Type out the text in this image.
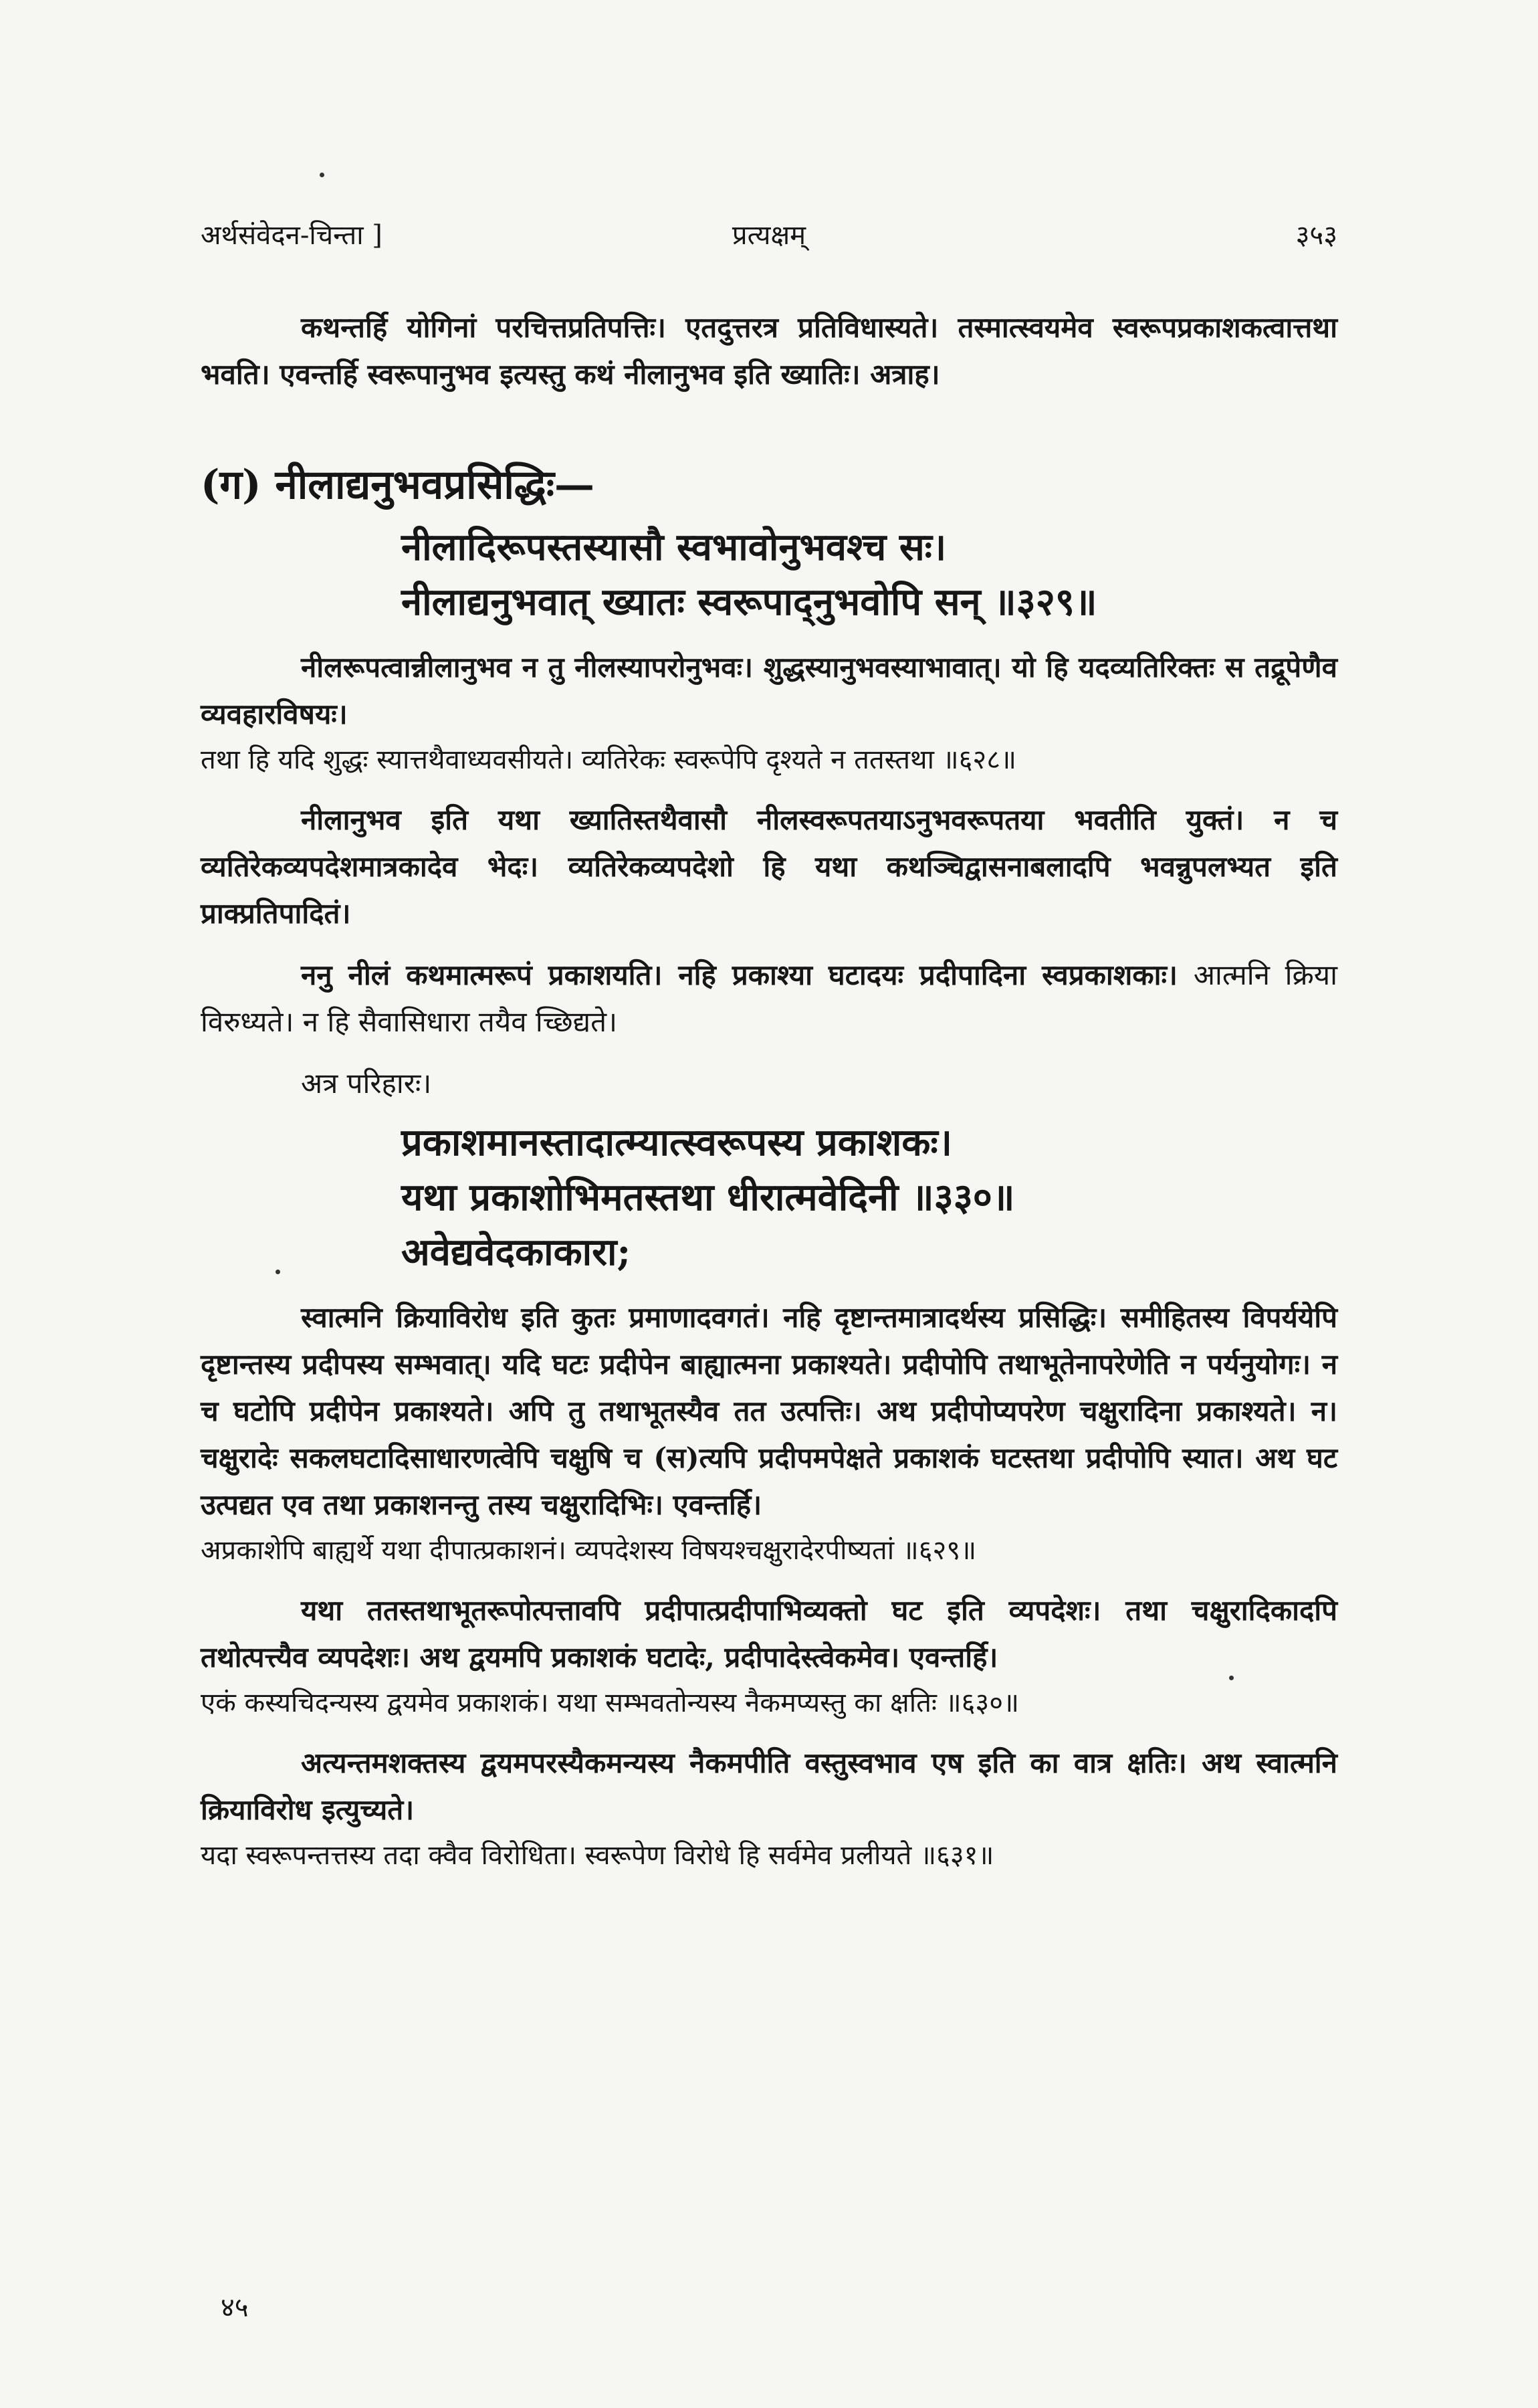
अर्थसंवेदन-चिन्ता ]	प्रत्यक्षम्	३५३

कथन्तर्हि योगिनां परचित्तप्रतिपत्तिः। एतदुत्तरत्र प्रतिविधास्यते। तस्मात्स्वयमेव स्वरूपप्रकाशकत्वात्तथा भवति। एवन्तर्हि स्वरूपानुभव इत्यस्तु कथं नीलानुभव इति ख्यातिः। अत्राह।

(ग) नीलाद्यनुभवप्रसिद्धिः—
नीलादिरूपस्तस्यासौ स्वभावोनुभवश्च सः।
नीलाद्यनुभवात् ख्यातः स्वरूपाद्नुभवोपि सन् ॥३२९॥

नीलरूपत्वान्नीलानुभव न तु नीलस्यापरोनुभवः। शुद्धस्यानुभवस्याभावात्। यो हि यदव्यतिरिक्तः स तद्रूपेणैव व्यवहारविषयः।

तथा हि यदि शुद्धः स्यात्तथैवाध्यवसीयते। व्यतिरेकः स्वरूपेपि दृश्यते न ततस्तथा ॥६२८॥

नीलानुभव इति यथा ख्यातिस्तथैवासौ नीलस्वरूपतयाऽनुभवरूपतया भवतीति युक्तं। न च व्यतिरेकव्यपदेशमात्रकादेव भेदः। व्यतिरेकव्यपदेशो हि यथा कथञ्चिद्वासनाबलादपि भवन्नुपलभ्यत इति प्राक्प्रतिपादितं।

ननु नीलं कथमात्मरूपं प्रकाशयति। नहि प्रकाश्या घटादयः प्रदीपादिना स्वप्रकाशकाः। आत्मनि क्रिया विरुध्यते। न हि सैवासिधारा तयैव च्छिद्यते।

अत्र परिहारः।

प्रकाशमानस्तादात्म्यात्स्वरूपस्य प्रकाशकः।
यथा प्रकाशोभिमतस्तथा धीरात्मवेदिनी ॥३३०॥
अवेद्यवेदकाकारा;

स्वात्मनि क्रियाविरोध इति कुतः प्रमाणादवगतं। नहि दृष्टान्तमात्रादर्थस्य प्रसिद्धिः। समीहितस्य विपर्ययेपि दृष्टान्तस्य प्रदीपस्य सम्भवात्। यदि घटः प्रदीपेन बाह्यात्मना प्रकाश्यते। प्रदीपोपि तथाभूतेनापरेणेति न पर्यनुयोगः। न च घटोपि प्रदीपेन प्रकाश्यते। अपि तु तथाभूतस्यैव तत उत्पत्तिः। अथ प्रदीपोप्यपरेण चक्षुरादिना प्रकाश्यते। न। चक्षुरादेः सकलघटादिसाधारणत्वेपि चक्षुषि च (स)त्यपि प्रदीपमपेक्षते प्रकाशकं घटस्तथा प्रदीपोपि स्यात। अथ घट उत्पद्यत एव तथा प्रकाशनन्तु तस्य चक्षुरादिभिः। एवन्तर्हि।

अप्रकाशेपि बाह्यर्थे यथा दीपात्प्रकाशनं। व्यपदेशस्य विषयश्चक्षुरादेरपीष्यतां ॥६२९॥

यथा ततस्तथाभूतरूपोत्पत्तावपि प्रदीपात्प्रदीपाभिव्यक्तो घट इति व्यपदेशः। तथा चक्षुरादिकादपि तथोत्पत्त्यैव व्यपदेशः। अथ द्वयमपि प्रकाशकं घटादेः, प्रदीपादेस्त्वेकमेव। एवन्तर्हि।

एकं कस्यचिदन्यस्य द्वयमेव प्रकाशकं। यथा सम्भवतोन्यस्य नैकमप्यस्तु का क्षतिः ॥६३०॥

अत्यन्तमशक्तस्य द्वयमपरस्यैकमन्यस्य नैकमपीति वस्तुस्वभाव एष इति का वात्र क्षतिः। अथ स्वात्मनि क्रियाविरोध इत्युच्यते।

यदा स्वरूपन्तत्तस्य तदा क्वैव विरोधिता। स्वरूपेण विरोधे हि सर्वमेव प्रलीयते ॥६३१॥

४५
